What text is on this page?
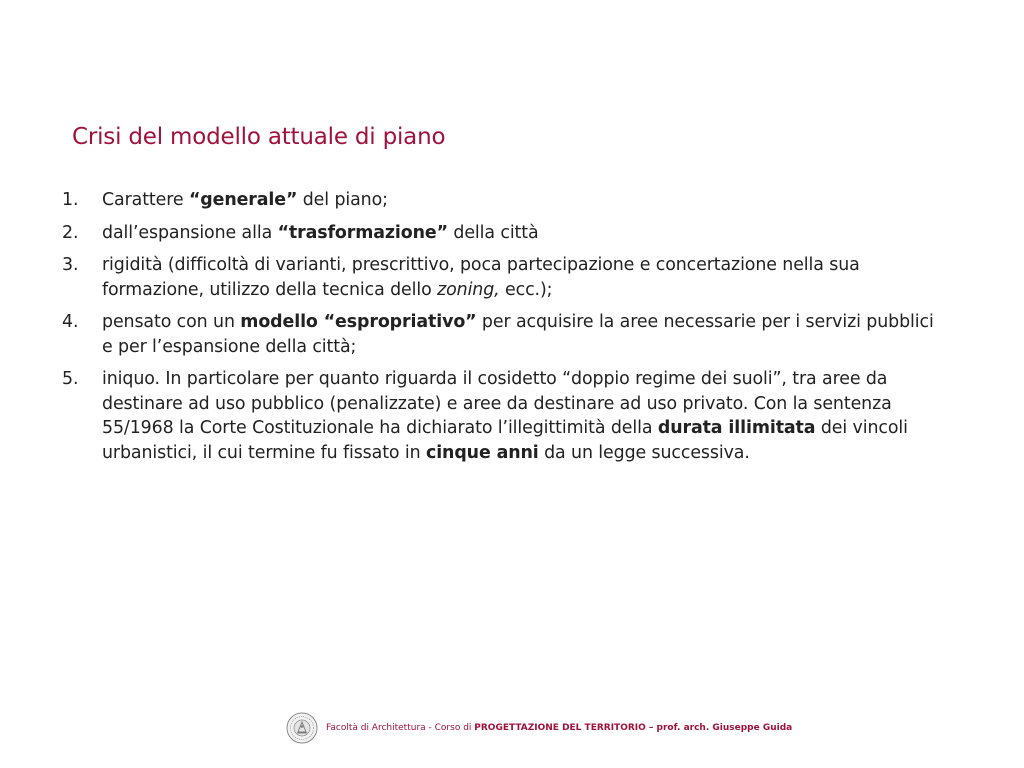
Crisi del modello attuale di piano
1. Carattere “generale” del piano;
2. dall’espansione alla “trasformazione” della città
3. rigidità (difficoltà di varianti, prescrittivo, poca partecipazione e concertazione nella sua formazione, utilizzo della tecnica dello zoning, ecc.);
4. pensato con un modello “espropriativo” per acquisire la aree necessarie per i servizi pubblici e per l’espansione della città;
5. iniquo. In particolare per quanto riguarda il cosidetto “doppio regime dei suoli”, tra aree da destinare ad uso pubblico (penalizzate) e aree da destinare ad uso privato. Con la sentenza 55/1968 la Corte Costituzionale ha dichiarato l’illegittimità della durata illimitata dei vincoli urbanistici, il cui termine fu fissato in cinque anni da un legge successiva.
Facoltà di Architettura - Corso di PROGETTAZIONE DEL TERRITORIO – prof. arch. Giuseppe Guida
